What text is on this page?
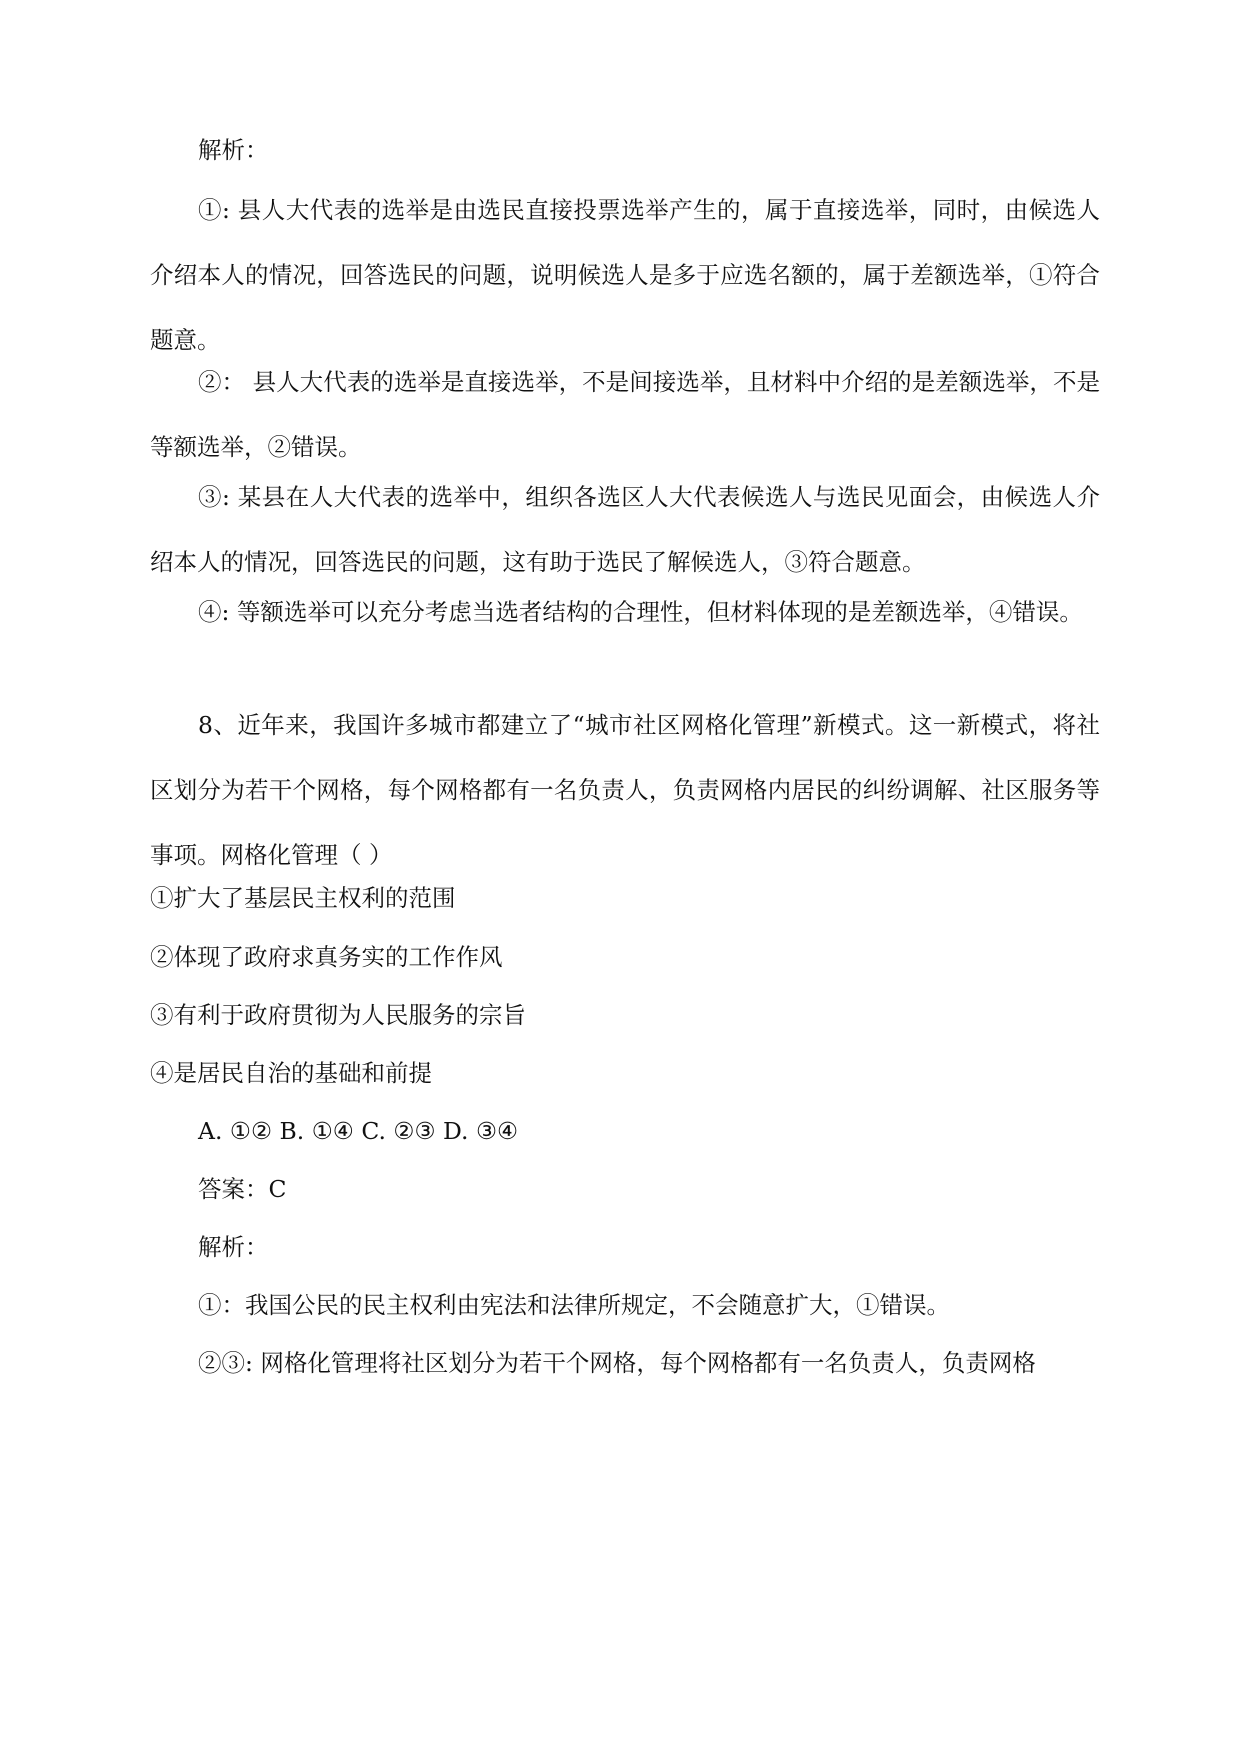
解析：

①: 县人大代表的选举是由选民直接投票选举产生的，属于直接选举，同时，由候选人介绍本人的情况，回答选民的问题，说明候选人是多于应选名额的，属于差额选举，①符合题意。

②： 县人大代表的选举是直接选举，不是间接选举，且材料中介绍的是差额选举，不是等额选举，②错误。

③: 某县在人大代表的选举中，组织各选区人大代表候选人与选民见面会，由候选人介绍本人的情况，回答选民的问题，这有助于选民了解候选人，③符合题意。

④: 等额选举可以充分考虑当选者结构的合理性，但材料体现的是差额选举，④错误。

8、近年来，我国许多城市都建立了“城市社区网格化管理”新模式。这一新模式，将社区划分为若干个网格，每个网格都有一名负责人，负责网格内居民的纠纷调解、社区服务等事项。网格化管理（ ）

①扩大了基层民主权利的范围

②体现了政府求真务实的工作作风

③有利于政府贯彻为人民服务的宗旨

④是居民自治的基础和前提

A. ①② B. ①④ C. ②③ D. ③④

答案：C

解析：

①：我国公民的民主权利由宪法和法律所规定，不会随意扩大，①错误。

②③: 网格化管理将社区划分为若干个网格，每个网格都有一名负责人，负责网格
